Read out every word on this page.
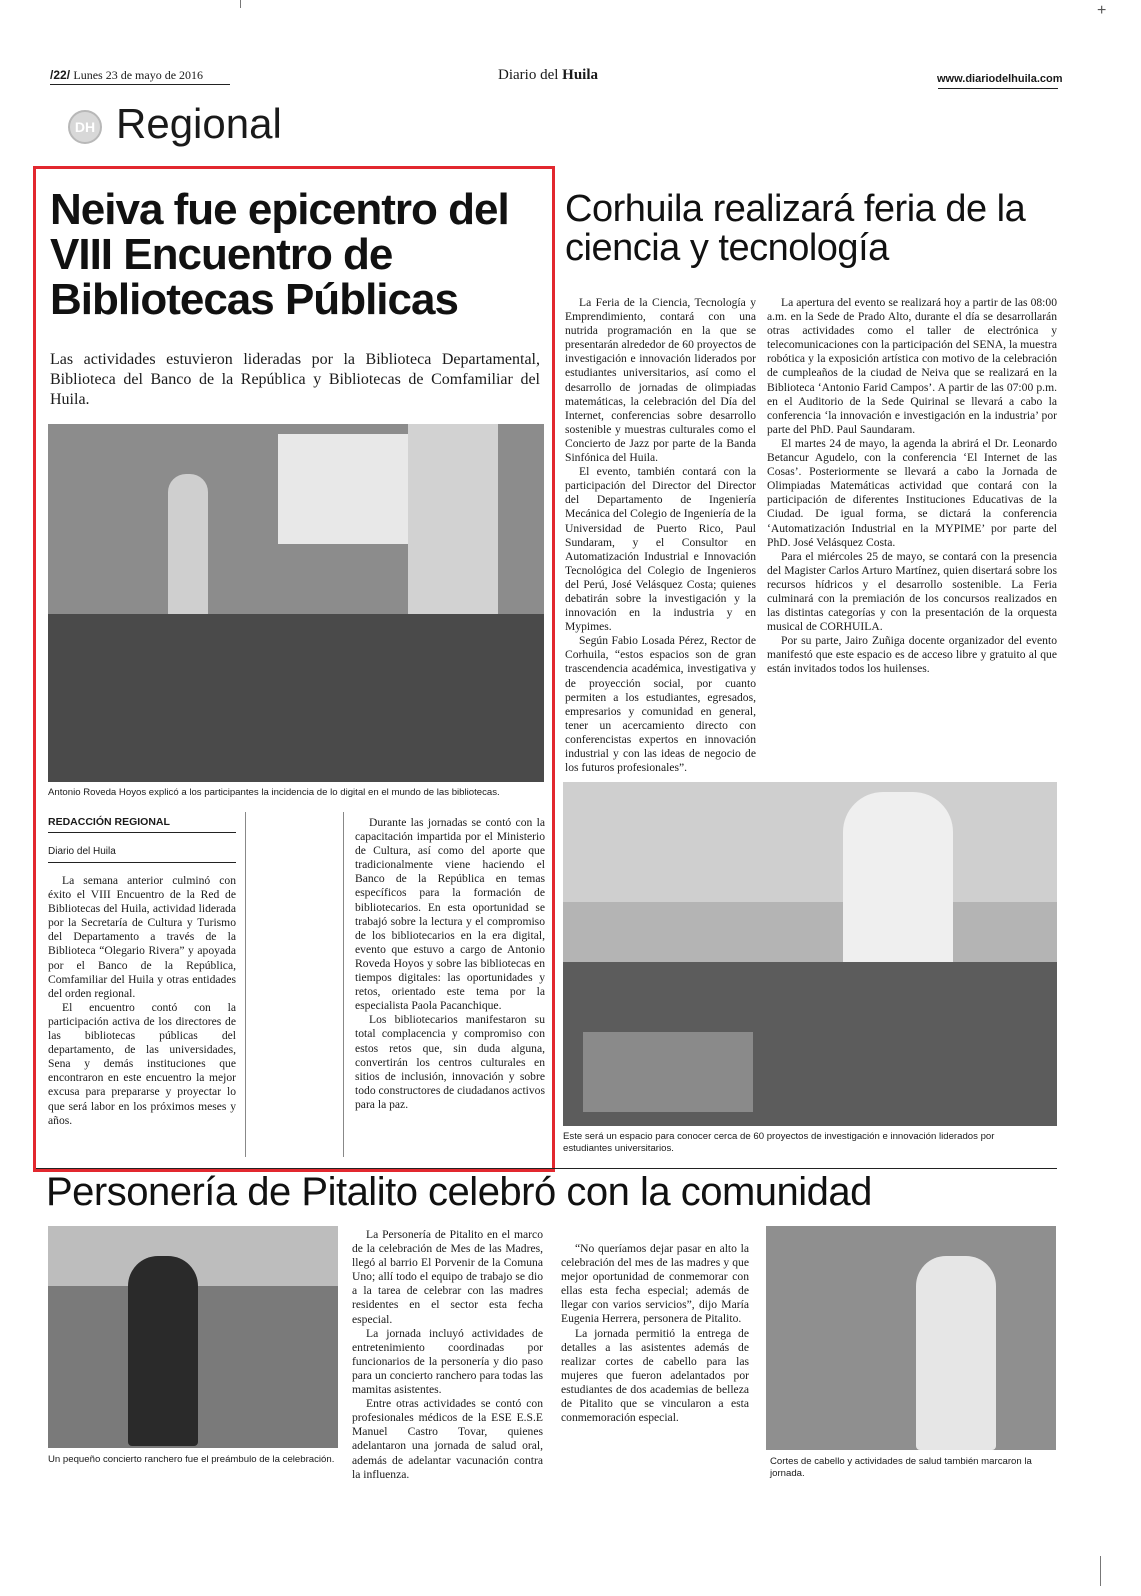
+
/22/ Lunes 23 de mayo de 2016	Diario del Huila	www.diariodelhuila.com
DH Regional
Neiva fue epicentro del VIII Encuentro de Bibliotecas Públicas
Las actividades estuvieron lideradas por la Biblioteca Departamental, Biblioteca del Banco de la República y Bibliotecas de Comfamiliar del Huila.
Antonio Roveda Hoyos explicó a los participantes la incidencia de lo digital en el mundo de las bibliotecas.
REDACCIÓN REGIONAL
Diario del Huila

La semana anterior culminó con éxito el VIII Encuentro de la Red de Bibliotecas del Huila, actividad liderada por la Secretaría de Cultura y Turismo del Departamento a través de la Biblioteca “Olegario Rivera” y apoyada por el Banco de la República, Comfamiliar del Huila y otras entidades del orden regional.

El encuentro contó con la participación activa de los directores de las bibliotecas públicas del departamento, de las universidades, Sena y demás instituciones que encontraron en este encuentro la mejor excusa para prepararse y proyectar lo que será labor en los próximos meses y años.

Durante las jornadas se contó con la capacitación impartida por el Ministerio de Cultura, así como del aporte que tradicionalmente viene haciendo el Banco de la República en temas específicos para la formación de bibliotecarios. En esta oportunidad se trabajó sobre la lectura y el compromiso de los bibliotecarios en la era digital, evento que estuvo a cargo de Antonio Roveda Hoyos y sobre las bibliotecas en tiempos digitales: las oportunidades y retos, orientado este tema por la especialista Paola Pacanchique.

Los bibliotecarios manifestaron su total complacencia y compromiso con estos retos que, sin duda alguna, convertirán los centros culturales en sitios de inclusión, innovación y sobre todo constructores de ciudadanos activos para la paz.

Corhuila realizará feria de la ciencia y tecnología

La Feria de la Ciencia, Tecnología y Emprendimiento, contará con una nutrida programación en la que se presentarán alrededor de 60 proyectos de investigación e innovación liderados por estudiantes universitarios, así como el desarrollo de jornadas de olimpiadas matemáticas, la celebración del Día del Internet, conferencias sobre desarrollo sostenible y muestras culturales como el Concierto de Jazz por parte de la Banda Sinfónica del Huila.

El evento, también contará con la participación del Director del Director del Departamento de Ingeniería Mecánica del Colegio de Ingeniería de la Universidad de Puerto Rico, Paul Sundaram, y el Consultor en Automatización Industrial e Innovación Tecnológica del Colegio de Ingenieros del Perú, José Velásquez Costa; quienes debatirán sobre la investigación y la innovación en la industria y en Mypimes.

Según Fabio Losada Pérez, Rector de Corhuila, “estos espacios son de gran trascendencia académica, investigativa y de proyección social, por cuanto permiten a los estudiantes, egresados, empresarios y comunidad en general, tener un acercamiento directo con conferencistas expertos en innovación industrial y con las ideas de negocio de los futuros profesionales”.

La apertura del evento se realizará hoy a partir de las 08:00 a.m. en la Sede de Prado Alto, durante el día se desarrollarán otras actividades como el taller de electrónica y telecomunicaciones con la participación del SENA, la muestra robótica y la exposición artística con motivo de la celebración de cumpleaños de la ciudad de Neiva que se realizará en la Biblioteca ‘Antonio Farid Campos’. A partir de las 07:00 p.m. en el Auditorio de la Sede Quirinal se llevará a cabo la conferencia ‘la innovación e investigación en la industria’ por parte del PhD. Paul Saundaram.

El martes 24 de mayo, la agenda la abrirá el Dr. Leonardo Betancur Agudelo, con la conferencia ‘El Internet de las Cosas’. Posteriormente se llevará a cabo la Jornada de Olimpiadas Matemáticas actividad que contará con la participación de diferentes Instituciones Educativas de la Ciudad. De igual forma, se dictará la conferencia ‘Automatización Industrial en la MYPIME’ por parte del PhD. José Velásquez Costa.

Para el miércoles 25 de mayo, se contará con la presencia del Magister Carlos Arturo Martínez, quien disertará sobre los recursos hídricos y el desarrollo sostenible. La Feria culminará con la premiación de los concursos realizados en las distintas categorías y con la presentación de la orquesta musical de CORHUILA.

Por su parte, Jairo Zuñiga docente organizador del evento manifestó que este espacio es de acceso libre y gratuito al que están invitados todos los huilenses.

Este será un espacio para conocer cerca de 60 proyectos de investigación e innovación liderados por estudiantes universitarios.
Personería de Pitalito celebró con la comunidad
Un pequeño concierto ranchero fue el preámbulo de la celebración.

La Personería de Pitalito en el marco de la celebración de Mes de las Madres, llegó al barrio El Porvenir de la Comuna Uno; allí todo el equipo de trabajo se dio a la tarea de celebrar con las madres residentes en el sector esta fecha especial.

La jornada incluyó actividades de entretenimiento coordinadas por funcionarios de la personería y dio paso para un concierto ranchero para todas las mamitas asistentes.

Entre otras actividades se contó con profesionales médicos de la ESE E.S.E Manuel Castro Tovar, quienes adelantaron una jornada de salud oral, además de adelantar vacunación contra la influenza.

“No queríamos dejar pasar en alto la celebración del mes de las madres y que mejor oportunidad de conmemorar con ellas esta fecha especial; además de llegar con varios servicios”, dijo María Eugenia Herrera, personera de Pitalito.

La jornada permitió la entrega de detalles a las asistentes además de realizar cortes de cabello para las mujeres que fueron adelantados por estudiantes de dos academias de belleza de Pitalito que se vincularon a esta conmemoración especial.

Cortes de cabello y actividades de salud también marcaron la jornada.
